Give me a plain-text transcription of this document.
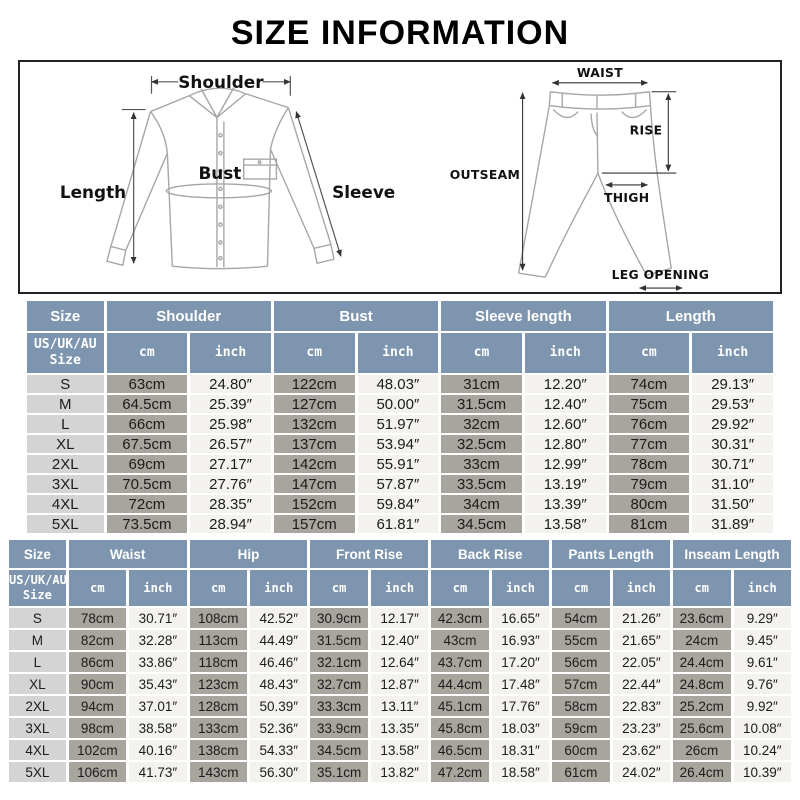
SIZE INFORMATION
Shoulder
Length
Bust
Sleeve
WAIST
RISE
OUTSEAM
THIGH
LEG OPENING
Size	Shoulder		Bust		Sleeve length		Length	
US/UK/AU Size	cm	inch	cm	inch	cm	inch	cm	inch
S	63cm	24.80″	122cm	48.03″	31cm	12.20″	74cm	29.13″
M	64.5cm	25.39″	127cm	50.00″	31.5cm	12.40″	75cm	29.53″
L	66cm	25.98″	132cm	51.97″	32cm	12.60″	76cm	29.92″
XL	67.5cm	26.57″	137cm	53.94″	32.5cm	12.80″	77cm	30.31″
2XL	69cm	27.17″	142cm	55.91″	33cm	12.99″	78cm	30.71″
3XL	70.5cm	27.76″	147cm	57.87″	33.5cm	13.19″	79cm	31.10″
4XL	72cm	28.35″	152cm	59.84″	34cm	13.39″	80cm	31.50″
5XL	73.5cm	28.94″	157cm	61.81″	34.5cm	13.58″	81cm	31.89″
Size	Waist		Hip		Front Rise		Back Rise		Pants Length		Inseam Length	
US/UK/AU Size	cm	inch	cm	inch	cm	inch	cm	inch	cm	inch	cm	inch
S	78cm	30.71″	108cm	42.52″	30.9cm	12.17″	42.3cm	16.65″	54cm	21.26″	23.6cm	9.29″
M	82cm	32.28″	113cm	44.49″	31.5cm	12.40″	43cm	16.93″	55cm	21.65″	24cm	9.45″
L	86cm	33.86″	118cm	46.46″	32.1cm	12.64″	43.7cm	17.20″	56cm	22.05″	24.4cm	9.61″
XL	90cm	35.43″	123cm	48.43″	32.7cm	12.87″	44.4cm	17.48″	57cm	22.44″	24.8cm	9.76″
2XL	94cm	37.01″	128cm	50.39″	33.3cm	13.11″	45.1cm	17.76″	58cm	22.83″	25.2cm	9.92″
3XL	98cm	38.58″	133cm	52.36″	33.9cm	13.35″	45.8cm	18.03″	59cm	23.23″	25.6cm	10.08″
4XL	102cm	40.16″	138cm	54.33″	34.5cm	13.58″	46.5cm	18.31″	60cm	23.62″	26cm	10.24″
5XL	106cm	41.73″	143cm	56.30″	35.1cm	13.82″	47.2cm	18.58″	61cm	24.02″	26.4cm	10.39″
